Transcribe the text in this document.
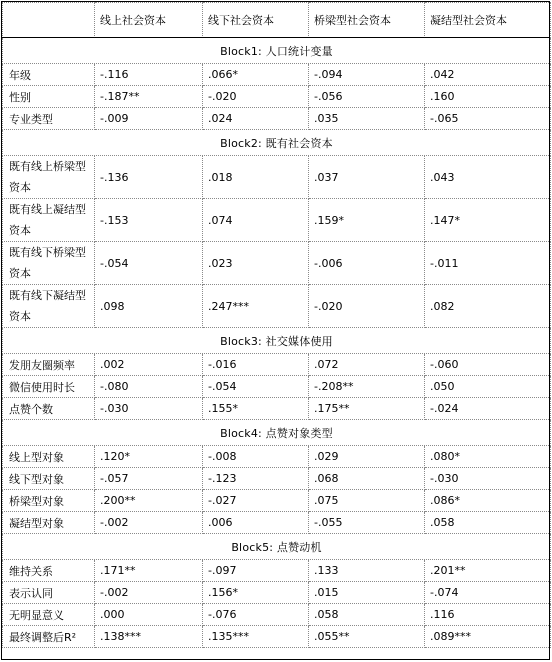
	线上社会资本	线下社会资本	桥梁型社会资本	凝结型社会资本
Block1: 人口统计变量				
年级	-.116	.066*	-.094	.042
性别	-.187**	-.020	-.056	.160
专业类型	-.009	.024	.035	-.065
Block2: 既有社会资本				
既有线上桥梁型资本	-.136	.018	.037	.043
既有线上凝结型资本	-.153	.074	.159*	.147*
既有线下桥梁型资本	-.054	.023	-.006	-.011
既有线下凝结型资本	.098	.247***	-.020	.082
Block3: 社交媒体使用				
发朋友圈频率	.002	-.016	.072	-.060
微信使用时长	-.080	-.054	-.208**	.050
点赞个数	-.030	.155*	.175**	-.024
Block4: 点赞对象类型				
线上型对象	.120*	-.008	.029	.080*
线下型对象	-.057	-.123	.068	-.030
桥梁型对象	.200**	-.027	.075	.086*
凝结型对象	-.002	.006	-.055	.058
Block5: 点赞动机				
维持关系	.171**	-.097	.133	.201**
表示认同	-.002	.156*	.015	-.074
无明显意义	.000	-.076	.058	.116
最终调整后R²	.138***	.135***	.055**	.089***
